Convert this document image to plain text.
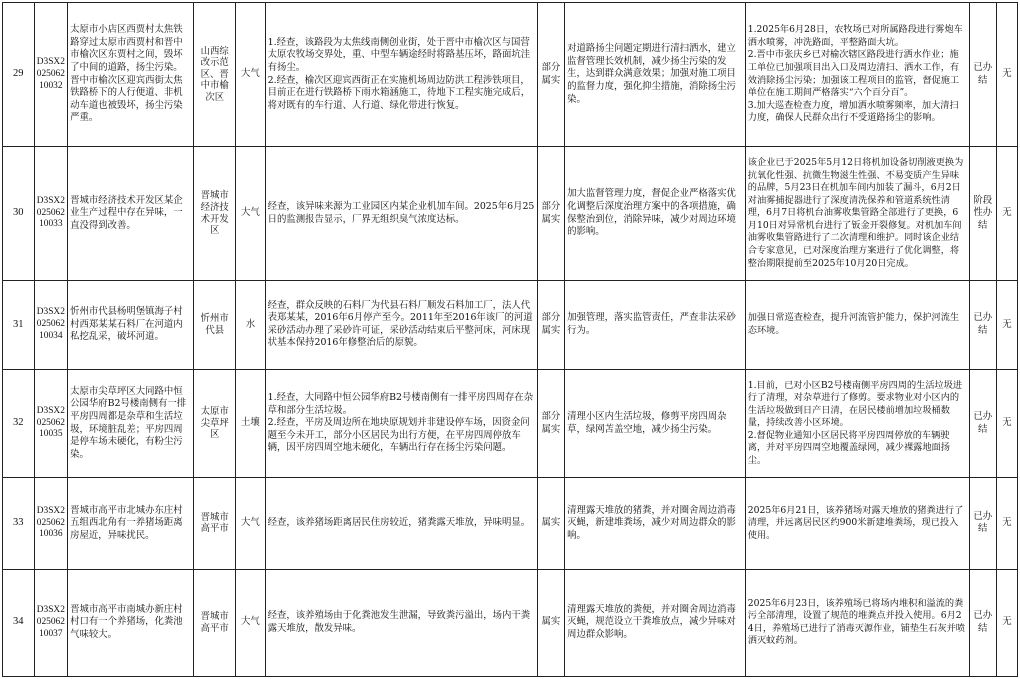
29	D3SX202506210032	太原市小店区西贾村太焦铁路穿过太原市西贾村和晋中市榆次区东贾村之间，毁坏了中间的道路，扬尘污染。晋中市榆次区迎宾西街太焦铁路桥下的人行便道、非机动车道也被毁坏，扬尘污染严重。	山西综改示范区、晋中市榆次区	大气	1.经查，该路段为太焦线南侧创业街，处于晋中市榆次区与国营太原农牧场交界处，重、中型车辆途经时将路基压坏，路面坑洼有扬尘。
2.经查，榆次区迎宾西街正在实施机场周边防洪工程涉铁项目，目前正在进行铁路桥下雨水箱涵施工，待地下工程实施完成后，将对既有的车行道、人行道、绿化带进行恢复。	部分属实	对道路扬尘问题定期进行清扫洒水，建立监督管理长效机制，减少扬尘污染的发生，达到群众满意效果；加强对施工项目的监督力度，强化抑尘措施，消除扬尘污染。	1.2025年6月28日，农牧场已对所属路段进行雾炮车洒水喷雾，冲洗路面，平整路面大坑。
2.晋中市张庆乡已对榆次辖区路段进行洒水作业；施工单位已加强项目出入口及周边清扫、洒水工作，有效消除扬尘污染；加强该工程项目的监管，督促施工单位在施工期间严格落实“六个百分百”。
3.加大巡查检查力度，增加洒水喷雾频率，加大清扫力度，确保人民群众出行不受道路扬尘的影响。	已办结	无
30	D3SX202506210033	晋城市经济技术开发区某企业生产过程中存在异味，一直没得到改善。	晋城市经济技术开发区	大气	经查，该异味来源为工业园区内某企业机加车间。2025年6月25日的监测报告显示，厂界无组织臭气浓度达标。	部分属实	加大监督管理力度，督促企业严格落实优化调整后深度治理方案中的各项措施，确保整治到位，消除异味，减少对周边环境的影响。	该企业已于2025年5月12日将机加设备切削液更换为抗氧化性强、抗微生物滋生性强、不易变质产生异味的品牌，5月23日在机加车间内加装了漏斗，6月2日对油雾捕捉器进行了深度清洗保养和管道系统性清理，6月7日将机台油雾收集管路全部进行了更换，6月10日对异常机台进行了钣金开裂修复。对机加车间油雾收集管路进行了二次清理和维护。同时该企业结合专家意见，已对深度治理方案进行了优化调整，将整治期限提前至2025年10月20日完成。	阶段性办结	无
31	D3SX202506210034	忻州市代县杨明堡镇海子村村西郑某某石料厂在河道内私挖乱采，破坏河道。	忻州市代县	水	经查，群众反映的石料厂为代县石料厂顺发石料加工厂，法人代表郑某某，2016年6月停产至今。2011年至2016年该厂的河道采砂活动办理了采砂许可证，采砂活动结束后平整河床，河床现状基本保持2016年修整治后的原貌。	部分属实	加强管理，落实监管责任，严查非法采砂行为。	加强日常巡查检查，提升河流管护能力，保护河流生态环境。	已办结	无
32	D3SX202506210035	太原市尖草坪区大同路中恒公园华府B2号楼南侧有一排平房四周都是杂草和生活垃圾，环境脏乱差；平房四周是停车场未硬化，有粉尘污染。	太原市尖草坪区	土壤	1.经查，大同路中恒公园华府B2号楼南侧有一排平房四周存在杂草和部分生活垃圾。
2.经查，平房及周边所在地块原规划并非建设停车场，因资金问题至今未开工，部分小区居民为出行方便，在平房四周停放车辆，因平房四周空地未硬化，车辆出行存在扬尘污染问题。	部分属实	清理小区内生活垃圾，修剪平房四周杂草，绿网苫盖空地，减少扬尘污染。	1.目前，已对小区B2号楼南侧平房四周的生活垃圾进行了清理，对杂草进行了修剪。要求物业对小区内的生活垃圾做到日产日清，在居民楼前增加垃圾桶数量，持续改善小区环境。
2.督促物业通知小区居民将平房四周停放的车辆驶离，并对平房四周空地覆盖绿网，减少裸露地面扬尘。	已办结	无
33	D3SX202506210036	晋城市高平市北城办东庄村五组西北角有一养猪场距离房屋近，异味扰民。	晋城市高平市	大气	经查，该养猪场距离居民住房较近，猪粪露天堆放，异味明显。	属实	清理露天堆放的猪粪，并对圈舍周边消毒灭蝇，新建堆粪场，减少对周边群众的影响。	2025年6月21日，该养猪场对露天堆放的猪粪进行了清理，并远离居民区约900米新建堆粪场，现已投入使用。	已办结	无
34	D3SX202506210037	晋城市高平市南城办新庄村村口有一个养猪场，化粪池气味较大。	晋城市高平市	大气	经查，该养殖场由于化粪池发生泄漏，导致粪污溢出，场内干粪露天堆放，散发异味。	属实	清理露天堆放的粪便，并对圈舍周边消毒灭蝇，规范设立干粪堆放点，减少异味对周边群众影响。	2025年6月23日，该养殖场已将场内堆积和溢流的粪污全部清理，设置了规范的堆粪点并投入使用。6月24日，养殖场已进行了消毒灭源作业，铺垫生石灰并喷洒灭蚊药剂。	已办结	无
